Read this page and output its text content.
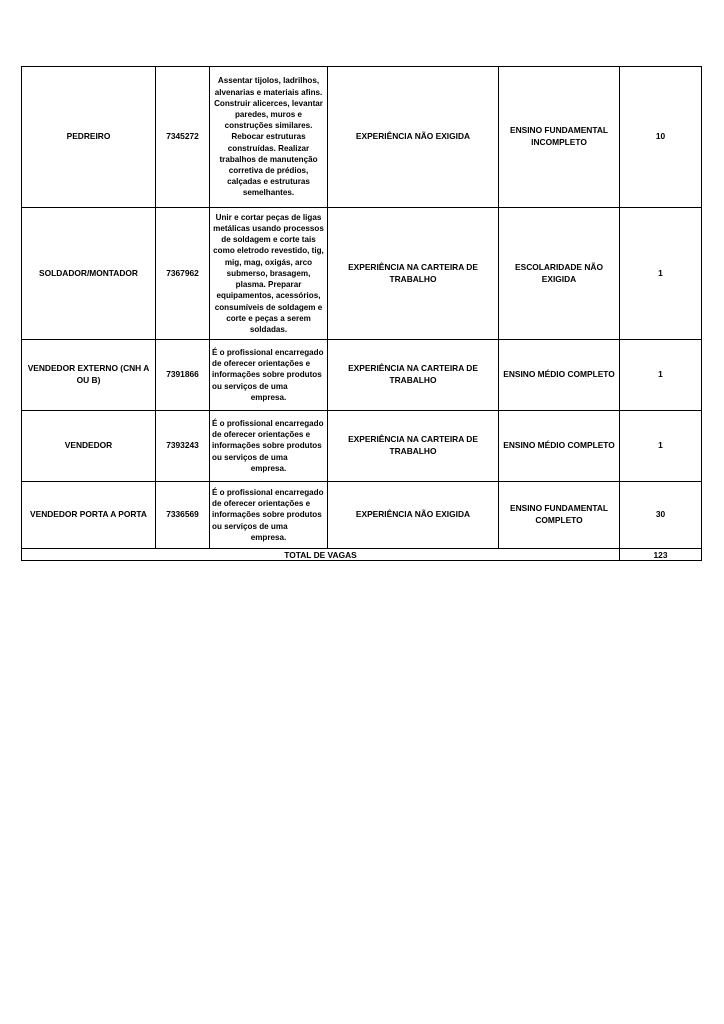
PEDREIRO	7345272	Assentar tijolos, ladrilhos, alvenarias e materiais afins. Construir alicerces, levantar paredes, muros e construções similares. Rebocar estruturas construídas. Realizar trabalhos de manutenção corretiva de prédios, calçadas e estruturas semelhantes.	EXPERIÊNCIA NÃO EXIGIDA	ENSINO FUNDAMENTAL INCOMPLETO	10
SOLDADOR/MONTADOR	7367962	Unir e cortar peças de ligas metálicas usando processos de soldagem e corte tais como eletrodo revestido, tig, mig, mag, oxigás, arco submerso, brasagem, plasma. Preparar equipamentos, acessórios, consumíveis de soldagem e corte e peças a serem soldadas.	EXPERIÊNCIA NA CARTEIRA DE TRABALHO	ESCOLARIDADE NÃO EXIGIDA	1
VENDEDOR EXTERNO (CNH A OU B)	7391866	É o profissional encarregado de oferecer orientações e informações sobre produtos ou serviços de uma empresa.	EXPERIÊNCIA NA CARTEIRA DE TRABALHO	ENSINO MÉDIO COMPLETO	1
VENDEDOR	7393243	É o profissional encarregado de oferecer orientações e informações sobre produtos ou serviços de uma empresa.	EXPERIÊNCIA NA CARTEIRA DE TRABALHO	ENSINO MÉDIO COMPLETO	1
VENDEDOR PORTA A PORTA	7336569	É o profissional encarregado de oferecer orientações e informações sobre produtos ou serviços de uma empresa.	EXPERIÊNCIA NÃO EXIGIDA	ENSINO FUNDAMENTAL COMPLETO	30
TOTAL DE VAGAS					123
